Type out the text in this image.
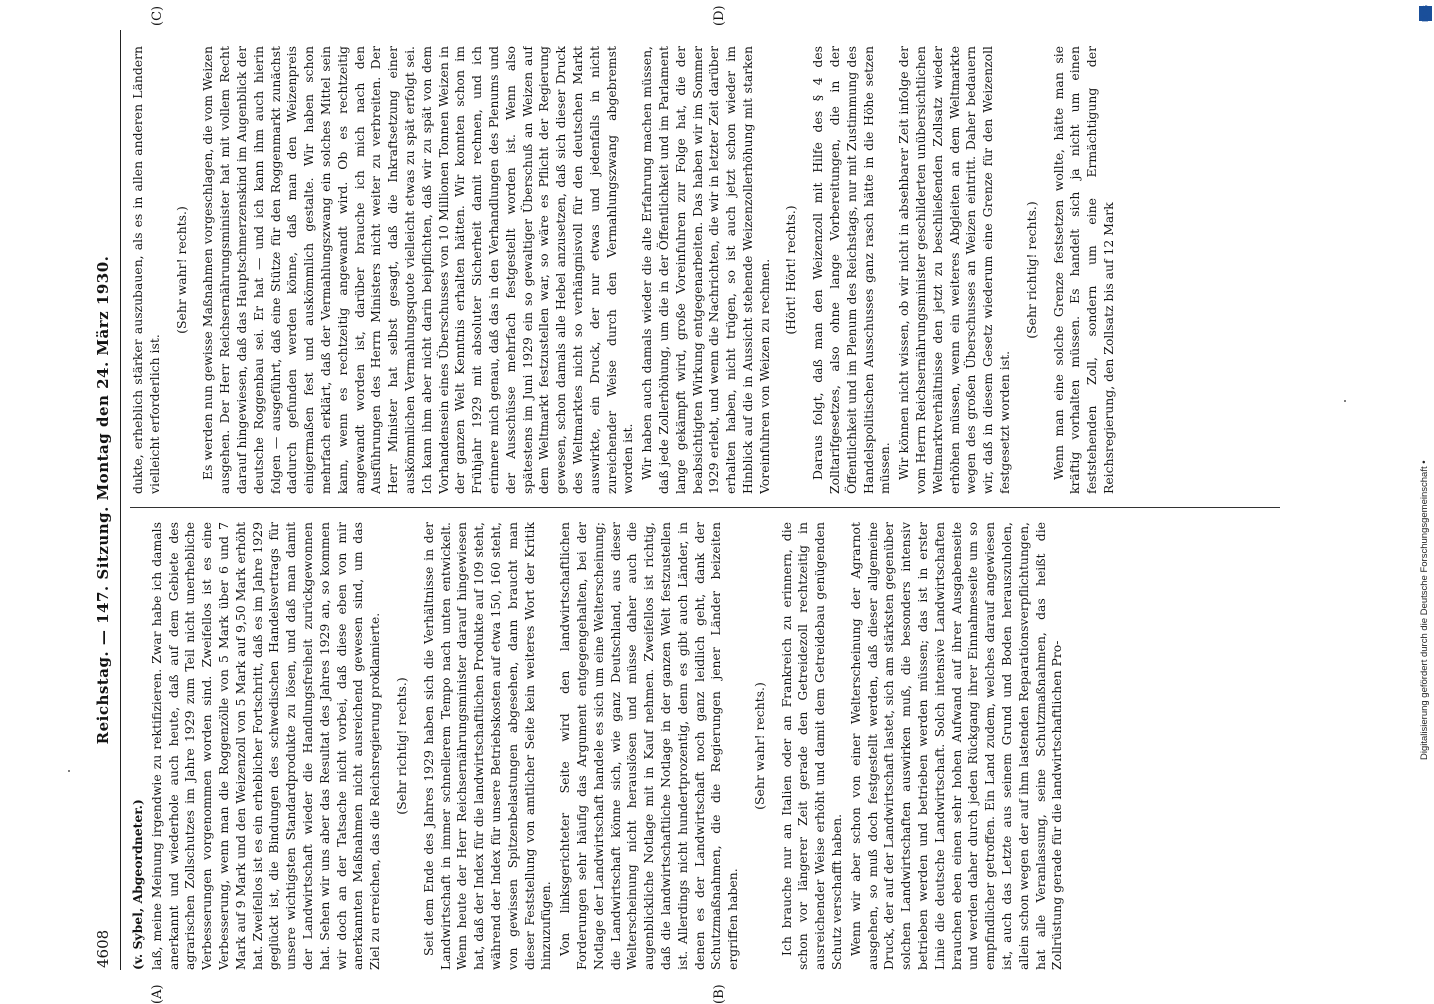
4608
Reichstag. — 147. Sitzung. Montag den 24. März 1930.
(A)	(B)
(C)	(D)

(v. Sybel, Abgeordneter.) laß, meine Meinung irgendwie zu rektifizieren. Zwar habe ich damals anerkannt und wiederhole auch heute, daß auf dem Gebiete des agrarischen Zollschutzes im Jahre 1929 zum Teil nicht unerhebliche Verbesserungen vorgenommen worden sind. Zweifellos ist es eine Verbesserung, wenn man die Roggenzölle von 5 Mark über 6 und 7 Mark auf 9 Mark und den Weizenzoll von 5 Mark auf 9,50 Mark erhöht hat. Zweifellos ist es ein erheblicher Fortschritt, daß es im Jahre 1929 geglückt ist, die Bindungen des schwedischen Handelsvertrags für unsere wichtigsten Standardprodukte zu lösen, und daß man damit der Landwirtschaft wieder die Handlungsfreiheit zurückgewonnen hat. Sehen wir uns aber das Resultat des Jahres 1929 an, so kommen wir doch an der Tatsache nicht vorbei, daß diese eben von mir anerkannten Maßnahmen nicht ausreichend gewesen sind, um das Ziel zu erreichen, das die Reichsregierung proklamierte. (Sehr richtig! rechts.) Seit dem Ende des Jahres 1929 haben sich die Verhältnisse in der Landwirtschaft in immer schnellerem Tempo nach unten entwickelt. Wenn heute der Herr Reichsernährungsminister darauf hingewiesen hat, daß der Index für die landwirtschaftlichen Produkte auf 109 steht, während der Index für unsere Betriebskosten auf etwa 150, 160 steht, von gewissen Spitzenbelastungen abgesehen, dann braucht man dieser Feststellung von amtlicher Seite kein weiteres Wort der Kritik hinzuzufügen. Von linksgerichteter Seite wird den landwirtschaftlichen Forderungen sehr häufig das Argument entgegengehalten, bei der Notlage der Landwirtschaft handele es sich um eine Welterscheinung; die Landwirtschaft könne sich, wie ganz Deutschland, aus dieser Welterscheinung nicht herauslösen und müsse daher auch die augenblickliche Notlage mit in Kauf nehmen. Zweifellos ist richtig, daß die landwirtschaftliche Notlage in der ganzen Welt festzustellen ist. Allerdings nicht hundertprozentig, denn es gibt auch Länder, in denen es der Landwirtschaft noch ganz leidlich geht, dank der Schutzmaßnahmen, die die Regierungen jener Länder beizeiten ergriffen haben.

(Sehr wahr! rechts.) Ich brauche nur an Italien oder an Frankreich zu erinnern, die schon vor längerer Zeit gerade den Getreidezoll rechtzeitig in ausreichender Weise erhöht und damit dem Getreidebau genügenden Schutz verschafft haben. Wenn wir aber schon von einer Welterscheinung der Agrarnot ausgehen, so muß doch festgestellt werden, daß dieser allgemeine Druck, der auf der Landwirtschaft lastet, sich am stärksten gegenüber solchen Landwirtschaften auswirken muß, die besonders intensiv betrieben werden und betrieben werden müssen; das ist in erster Linie die deutsche Landwirtschaft. Solch intensive Landwirtschaften brauchen eben einen sehr hohen Aufwand auf ihrer Ausgabenseite und werden daher durch jeden Rückgang ihrer Einnahmeseite um so empfindlicher getroffen. Ein Land zudem, welches darauf angewiesen ist, auch das Letzte aus seinem Grund und Boden herauszuholen, allein schon wegen der auf ihm lastenden Reparationsverpflichtungen, hat alle Veranlassung, seine Schutzmaßnahmen, das heißt die Zollrüstung gerade für die landwirtschaftlichen Pro-

dukte, erheblich stärker auszubauen, als es in allen anderen Ländern vielleicht erforderlich ist.

(Sehr wahr! rechts.) Es werden nun gewisse Maßnahmen vorgeschlagen, die vom Weizen ausgehen. Der Herr Reichsernährungsminister hat mit vollem Recht darauf hingewiesen, daß das Hauptschmerzenskind im Augenblick der deutsche Roggenbau sei. Er hat — und ich kann ihm auch hierin folgen — ausgeführt, daß eine Stütze für den Roggenmarkt zunächst dadurch gefunden werden könne, daß man den Weizenpreis einigermaßen fest und auskömmlich gestalte. Wir haben schon mehrfach erklärt, daß der Vermahlungszwang ein solches Mittel sein kann, wenn es rechtzeitig angewandt wird. Ob es rechtzeitig angewandt worden ist, darüber brauche ich mich nach den Ausführungen des Herrn Ministers nicht weiter zu verbreiten. Der Herr Minister hat selbst gesagt, daß die Inkraftsetzung einer auskömmlichen Vermahlungsquote vielleicht etwas zu spät erfolgt sei. Ich kann ihm aber nicht darin beipflichten, daß wir zu spät von dem Vorhandensein eines Überschusses von 10 Millionen Tonnen Weizen in der ganzen Welt Kenntnis erhalten hätten. Wir konnten schon im Frühjahr 1929 mit absoluter Sicherheit damit rechnen, und ich erinnere mich genau, daß das in den Verhandlungen des Plenums und der Ausschüsse mehrfach festgestellt worden ist. Wenn also spätestens im Juni 1929 ein so gewaltiger Überschuß an Weizen auf dem Weltmarkt festzustellen war, so wäre es Pflicht der Regierung gewesen, schon damals alle Hebel anzusetzen, daß sich dieser Druck des Weltmarktes nicht so verhängnisvoll für den deutschen Markt auswirkte, ein Druck, der nur etwas und jedenfalls in nicht zureichender Weise durch den Vermahlungszwang abgebremst worden ist. Wir haben auch damals wieder die alte Erfahrung machen müssen, daß jede Zollerhöhung, um die in der Öffentlichkeit und im Parlament lange gekämpft wird, große Voreinfuhren zur Folge hat, die der beabsichtigten Wirkung entgegenarbeiten. Das haben wir im Sommer 1929 erlebt, und wenn die Nachrichten, die wir in letzter Zeit darüber erhalten haben, nicht trügen, so ist auch jetzt schon wieder im Hinblick auf die in Aussicht stehende Weizenzollerhöhung mit starken Voreinfuhren von Weizen zu rechnen. (Hört! Hört! rechts.) Daraus folgt, daß man den Weizenzoll mit Hilfe des § 4 des Zolltarifgesetzes, also ohne lange Vorbereitungen, die in der Öffentlichkeit und im Plenum des Reichstags, nur mit Zustimmung des Handelspolitischen Ausschusses ganz rasch hätte in die Höhe setzen müssen. Wir können nicht wissen, ob wir nicht in absehbarer Zeit infolge der vom Herrn Reichsernährungsminister geschilderten unübersichtlichen Weltmarktverhältnisse den jetzt zu beschließenden Zollsatz wieder erhöhen müssen, wenn ein weiteres Abgleiten an dem Weltmarkte wegen des großen Überschusses an Weizen eintritt. Daher bedauern wir, daß in diesem Gesetz wiederum eine Grenze für den Weizenzoll festgesetzt worden ist.

(Sehr richtig! rechts.) Wenn man eine solche Grenze festsetzen wollte, hätte man sie kräftig vorhalten müssen. Es handelt sich ja nicht um einen feststehenden Zoll, sondern um eine Ermächtigung der Reichsregierung, den Zollsatz bis auf 12 Mark

DFG
Digitalisierung gefördert durch die Deutsche Forschungsgemeinschaft •
